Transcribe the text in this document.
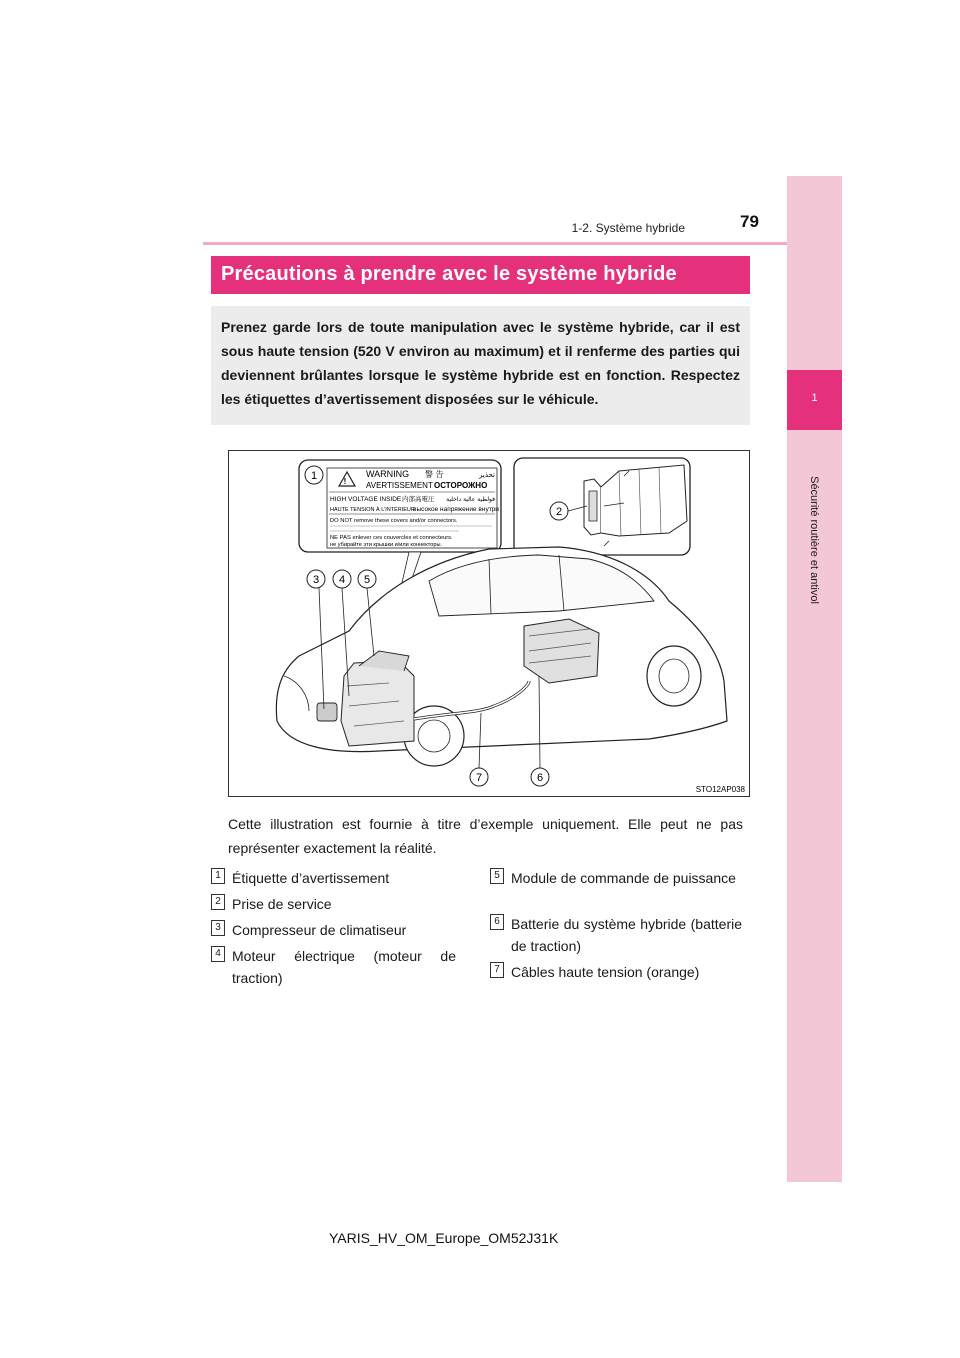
1
Sécurité routière et antivol
1-2. Système hybride	79
Précautions à prendre avec le système hybride
Prenez garde lors de toute manipulation avec le système hybride, car il est sous haute tension (520 V environ au maximum) et il renferme des parties qui deviennent brûlantes lorsque le système hybride est en fonction. Respectez les étiquettes d’avertissement disposées sur le véhicule.
!
WARNING 警 告	تحذير
AVERTISSEMENT ОСТОРОЖНО
HIGH VOLTAGE INSIDE 内部高電圧 فولطية عالية داخلية
HAUTE TENSION À L’INTÉRIEUR
высокое напряжение внутри
DO NOT remove these covers and/or connectors.
NE PAS enlever ces couvercles et connecteurs.
не убирайте эти крышки и/или коннекторы.
2
1
3 4 5
7	6
STO12AP038
Cette illustration est fournie à titre d’exemple uniquement. Elle peut ne pas représenter exactement la réalité.
1 Étiquette d’avertissement
2 Prise de service
3 Compresseur de climatiseur
4 Moteur électrique (moteur de traction)
5 Module de commande de puissance
6 Batterie du système hybride (batterie de traction)
7 Câbles haute tension (orange)
YARIS_HV_OM_Europe_OM52J31K
